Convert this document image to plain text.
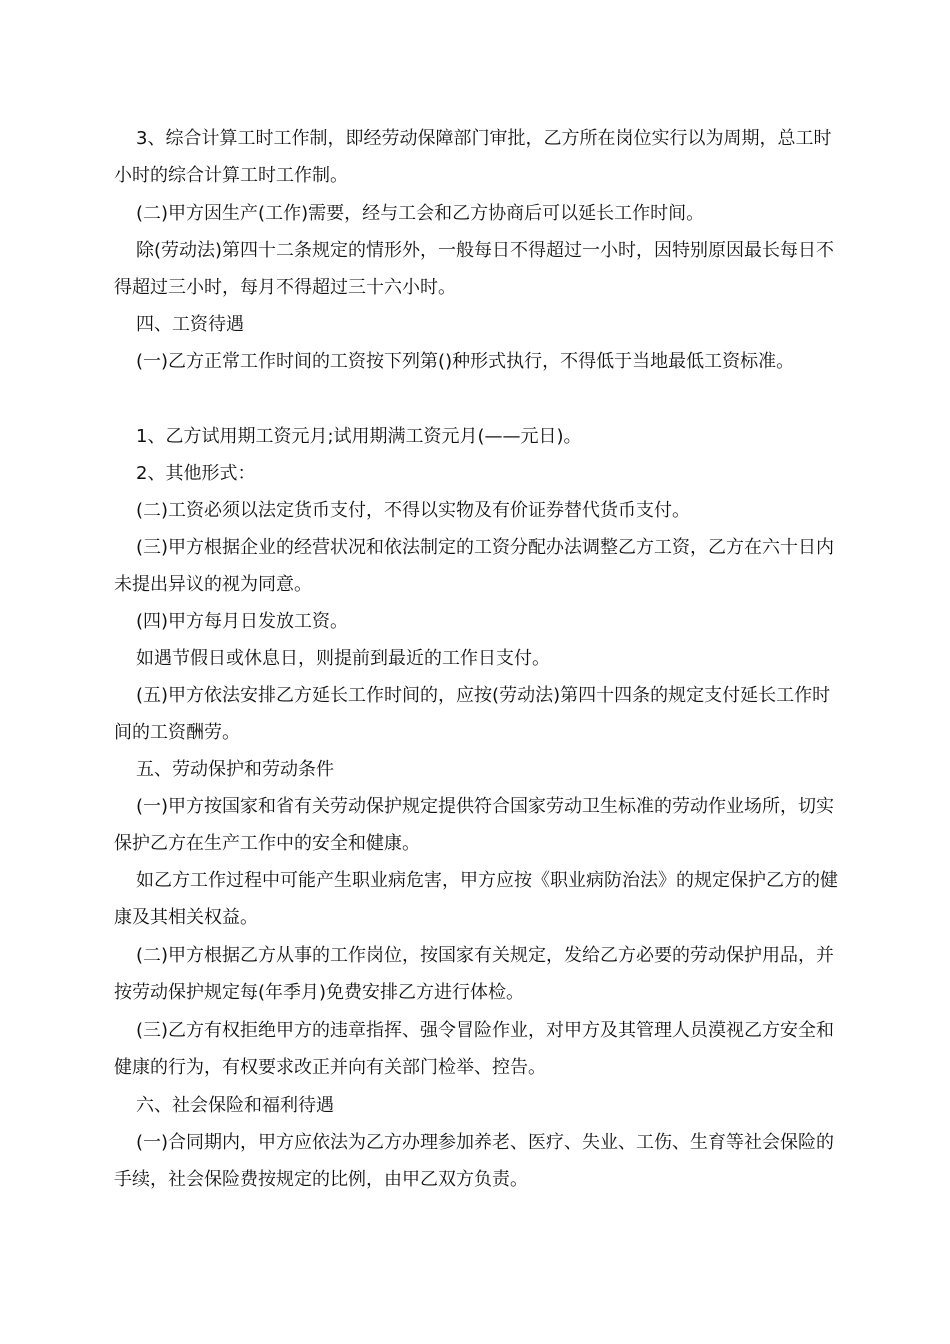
3、综合计算工时工作制，即经劳动保障部门审批，乙方所在岗位实行以为周期，总工时小时的综合计算工时工作制。

(二)甲方因生产(工作)需要，经与工会和乙方协商后可以延长工作时间。

除(劳动法)第四十二条规定的情形外，一般每日不得超过一小时，因特别原因最长每日不得超过三小时，每月不得超过三十六小时。

四、工资待遇

(一)乙方正常工作时间的工资按下列第()种形式执行，不得低于当地最低工资标准。

1、乙方试用期工资元月;试用期满工资元月(——元日)。

2、其他形式：

(二)工资必须以法定货币支付，不得以实物及有价证券替代货币支付。

(三)甲方根据企业的经营状况和依法制定的工资分配办法调整乙方工资，乙方在六十日内未提出异议的视为同意。

(四)甲方每月日发放工资。

如遇节假日或休息日，则提前到最近的工作日支付。

(五)甲方依法安排乙方延长工作时间的，应按(劳动法)第四十四条的规定支付延长工作时间的工资酬劳。

五、劳动保护和劳动条件

(一)甲方按国家和省有关劳动保护规定提供符合国家劳动卫生标准的劳动作业场所，切实保护乙方在生产工作中的安全和健康。

如乙方工作过程中可能产生职业病危害，甲方应按《职业病防治法》的规定保护乙方的健康及其相关权益。

(二)甲方根据乙方从事的工作岗位，按国家有关规定，发给乙方必要的劳动保护用品，并按劳动保护规定每(年季月)免费安排乙方进行体检。

(三)乙方有权拒绝甲方的违章指挥、强令冒险作业，对甲方及其管理人员漠视乙方安全和健康的行为，有权要求改正并向有关部门检举、控告。

六、社会保险和福利待遇

(一)合同期内，甲方应依法为乙方办理参加养老、医疗、失业、工伤、生育等社会保险的手续，社会保险费按规定的比例，由甲乙双方负责。
